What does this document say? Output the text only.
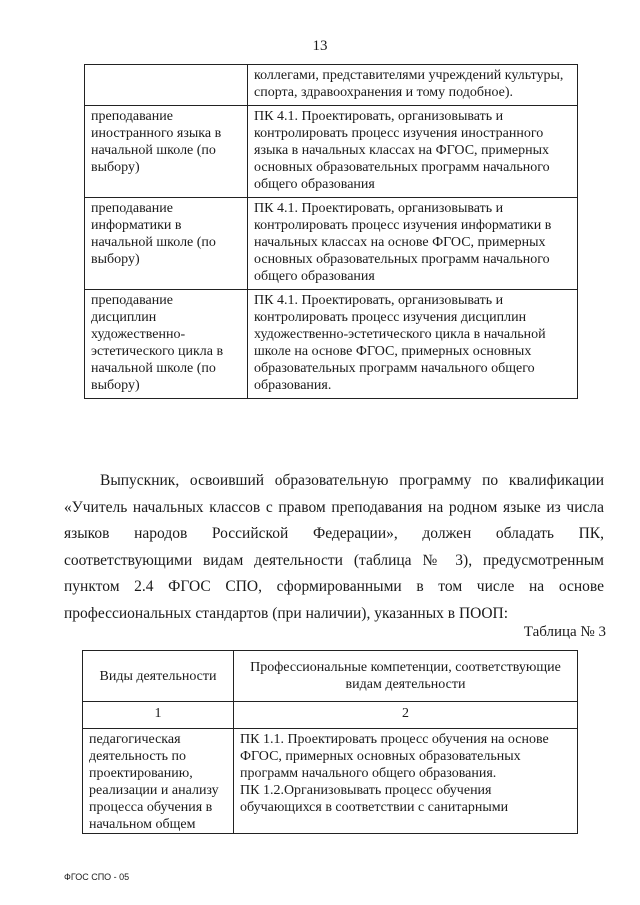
13
	коллегами, представителями учреждений культуры, спорта, здравоохранения и тому подобное).
преподавание иностранного языка в начальной школе (по выбору)	ПК 4.1. Проектировать, организовывать и контролировать процесс изучения иностранного языка в начальных классах на ФГОС, примерных основных образовательных программ начального общего образования
преподавание информатики в начальной школе (по выбору)	ПК 4.1. Проектировать, организовывать и контролировать процесс изучения информатики в начальных классах на основе ФГОС, примерных основных образовательных программ начального общего образования
преподавание дисциплин художественно-эстетического цикла в начальной школе (по выбору)	ПК 4.1. Проектировать, организовывать и контролировать процесс изучения дисциплин художественно-эстетического цикла в начальной школе на основе ФГОС, примерных основных образовательных программ начального общего образования.
Выпускник, освоивший образовательную программу по квалификации «Учитель начальных классов с правом преподавания на родном языке из числа языков народов Российской Федерации», должен обладать ПК, соответствующими видам деятельности (таблица № 3), предусмотренным пунктом 2.4 ФГОС СПО, сформированными в том числе на основе профессиональных стандартов (при наличии), указанных в ПООП:
Таблица № 3
Виды деятельности	Профессиональные компетенции, соответствующие видам деятельности
1	2
педагогическая деятельность по проектированию, реализации и анализу процесса обучения в начальном общем	ПК 1.1. Проектировать процесс обучения на основе ФГОС, примерных основных образовательных программ начального общего образования.
ПК 1.2.Организовывать процесс обучения обучающихся в соответствии с санитарными
ФГОС СПО - 05
